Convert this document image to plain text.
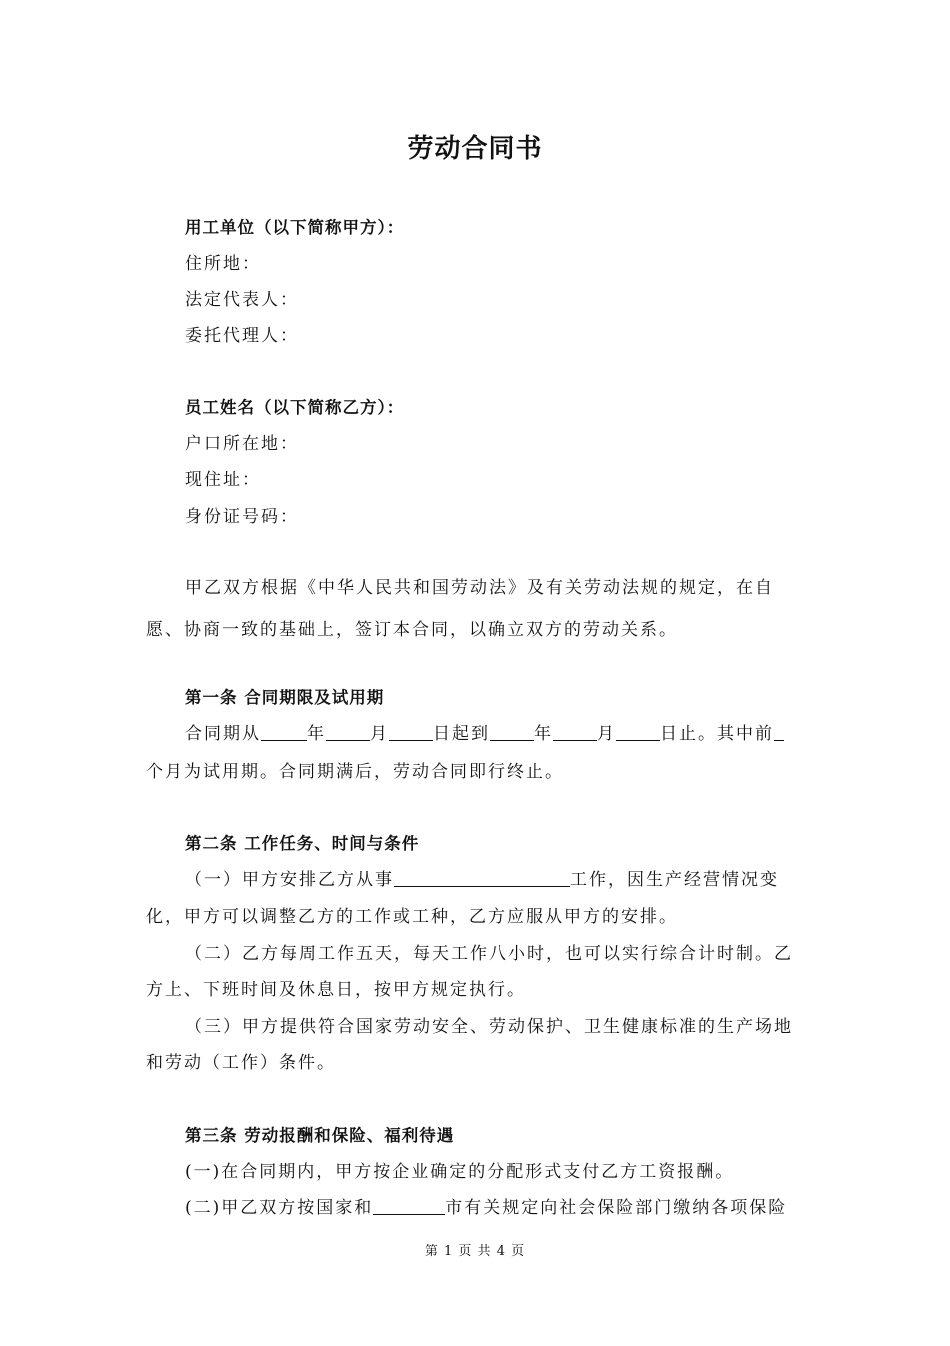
劳动合同书
用工单位（以下简称甲方）：
住所地：
法定代表人：
委托代理人：
员工姓名（以下简称乙方）：
户口所在地：
现住址：
身份证号码：
甲乙双方根据《中华人民共和国劳动法》及有关劳动法规的规定，在自
愿、协商一致的基础上，签订本合同，以确立双方的劳动关系。
第一条 合同期限及试用期
合同期从	年	月	日起到	年	月	日止。其中前
个月为试用期。合同期满后，劳动合同即行终止。
第二条 工作任务、时间与条件
（一）甲方安排乙方从事	工作，因生产经营情况变
化，甲方可以调整乙方的工作或工种，乙方应服从甲方的安排。
（二）乙方每周工作五天，每天工作八小时，也可以实行综合计时制。乙
方上、下班时间及休息日，按甲方规定执行。
（三）甲方提供符合国家劳动安全、劳动保护、卫生健康标准的生产场地
和劳动（工作）条件。
第三条 劳动报酬和保险、福利待遇
(一)在合同期内，甲方按企业确定的分配形式支付乙方工资报酬。
(二)甲乙双方按国家和	市有关规定向社会保险部门缴纳各项保险
第 1 页 共 4 页
